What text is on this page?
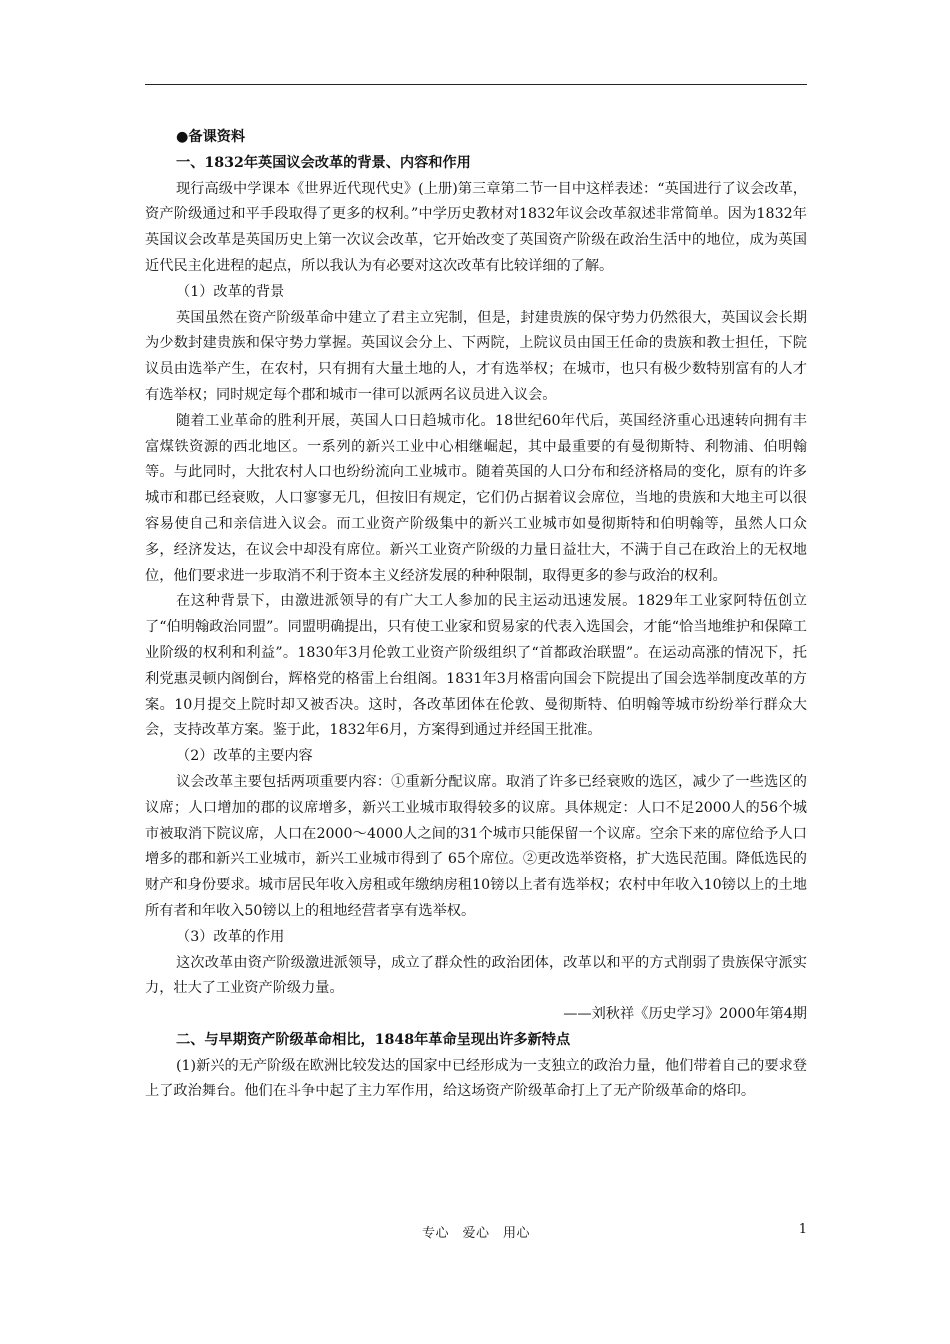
●备课资料

一、1832年英国议会改革的背景、内容和作用

现行高级中学课本《世界近代现代史》(上册)第三章第二节一目中这样表述：“英国进行了议会改革，资产阶级通过和平手段取得了更多的权利。”中学历史教材对1832年议会改革叙述非常简单。因为1832年英国议会改革是英国历史上第一次议会改革，它开始改变了英国资产阶级在政治生活中的地位，成为英国近代民主化进程的起点，所以我认为有必要对这次改革有比较详细的了解。

（1）改革的背景

英国虽然在资产阶级革命中建立了君主立宪制，但是，封建贵族的保守势力仍然很大，英国议会长期为少数封建贵族和保守势力掌握。英国议会分上、下两院，上院议员由国王任命的贵族和教士担任，下院议员由选举产生，在农村，只有拥有大量土地的人，才有选举权；在城市，也只有极少数特别富有的人才有选举权；同时规定每个郡和城市一律可以派两名议员进入议会。

随着工业革命的胜利开展，英国人口日趋城市化。18世纪60年代后，英国经济重心迅速转向拥有丰富煤铁资源的西北地区。一系列的新兴工业中心相继崛起，其中最重要的有曼彻斯特、利物浦、伯明翰等。与此同时，大批农村人口也纷纷流向工业城市。随着英国的人口分布和经济格局的变化，原有的许多城市和郡已经衰败，人口寥寥无几，但按旧有规定，它们仍占据着议会席位，当地的贵族和大地主可以很容易使自己和亲信进入议会。而工业资产阶级集中的新兴工业城市如曼彻斯特和伯明翰等，虽然人口众多，经济发达，在议会中却没有席位。新兴工业资产阶级的力量日益壮大，不满于自己在政治上的无权地位，他们要求进一步取消不利于资本主义经济发展的种种限制，取得更多的参与政治的权利。

在这种背景下，由激进派领导的有广大工人参加的民主运动迅速发展。1829年工业家阿特伍创立了“伯明翰政治同盟”。同盟明确提出，只有使工业家和贸易家的代表入选国会，才能“恰当地维护和保障工业阶级的权利和利益”。1830年3月伦敦工业资产阶级组织了“首都政治联盟”。在运动高涨的情况下，托利党惠灵顿内阁倒台，辉格党的格雷上台组阁。1831年3月格雷向国会下院提出了国会选举制度改革的方案。10月提交上院时却又被否决。这时，各改革团体在伦敦、曼彻斯特、伯明翰等城市纷纷举行群众大会，支持改革方案。鉴于此，1832年6月，方案得到通过并经国王批准。

（2）改革的主要内容

议会改革主要包括两项重要内容：①重新分配议席。取消了许多已经衰败的选区，减少了一些选区的议席；人口增加的郡的议席增多，新兴工业城市取得较多的议席。具体规定：人口不足2000人的56个城市被取消下院议席，人口在2000～4000人之间的31个城市只能保留一个议席。空余下来的席位给予人口增多的郡和新兴工业城市，新兴工业城市得到了 65个席位。②更改选举资格，扩大选民范围。降低选民的财产和身份要求。城市居民年收入房租或年缴纳房租10镑以上者有选举权；农村中年收入10镑以上的土地所有者和年收入50镑以上的租地经营者享有选举权。

（3）改革的作用

这次改革由资产阶级激进派领导，成立了群众性的政治团体，改革以和平的方式削弱了贵族保守派实力，壮大了工业资产阶级力量。

——刘秋祥《历史学习》2000年第4期

二、与早期资产阶级革命相比，1848年革命呈现出许多新特点

(1)新兴的无产阶级在欧洲比较发达的国家中已经形成为一支独立的政治力量，他们带着自己的要求登上了政治舞台。他们在斗争中起了主力军作用，给这场资产阶级革命打上了无产阶级革命的烙印。

专心　爱心　用心	1
